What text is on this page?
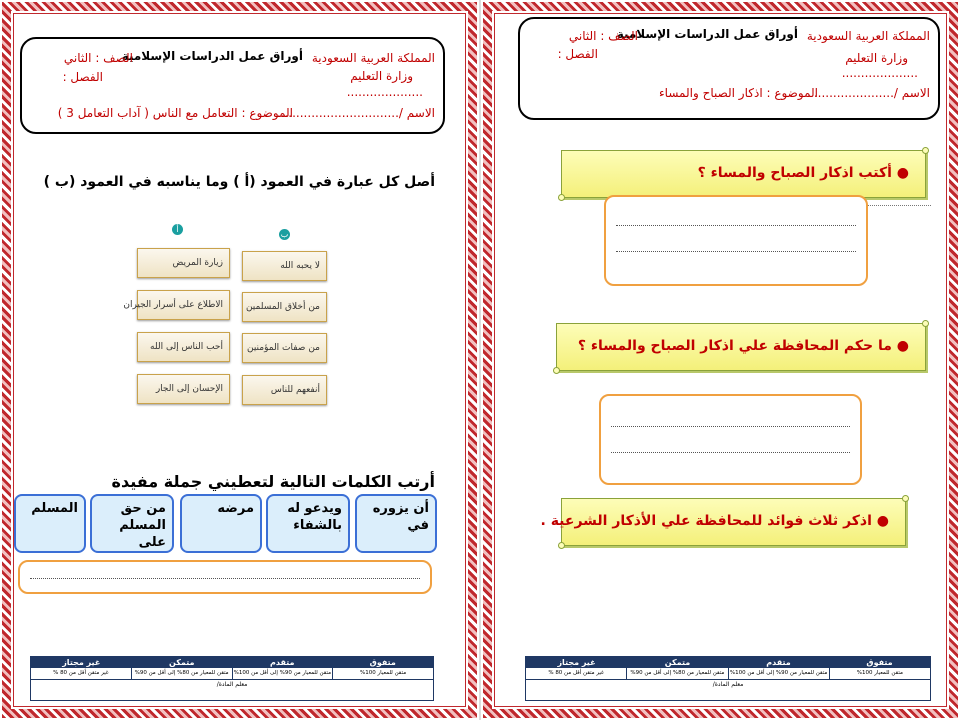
المملكة العربية السعودية
أوراق عمل الدراسات الإسلامية
الصف : الثاني
وزارة التعليم
الفصل :
....................
الاسم /................................
الموضوع : التعامل مع الناس ( آداب التعامل 3 )
أصل كل عبارة في العمود (أ ) وما يناسبه في العمود (ب )
أ
ب
زيارة المريض
الاطلاع على أسرار الجيران
أحب الناس إلى الله
الإحسان إلى الجار
لا يحبه الله
من أخلاق المسلمين
من صفات المؤمنين
أنفعهم للناس
أرتب الكلمات التالية لتعطيني جملة مفيدة
أن يزوره في
ويدعو له بالشفاء
مرضه
من حق المسلم على
المسلم
متفوق
متقدم
متمكن
غير مجتاز
متقن للمعيار 100%
متقن للمعيار من 90% إلى أقل من 100%
متقن للمعيار من 80% إلى أقل من 90%
غير متقن أقل من 80 %
معلم المادة/
المملكة العربية السعودية
أوراق عمل الدراسات الإسلامية
الصف : الثاني
وزارة التعليم
الفصل :
....................
الاسم /.....................
الموضوع : اذكار الصباح والمساء
● أكتب اذكار الصباح والمساء ؟
● ما حكم المحافظة علي اذكار الصباح والمساء ؟
● اذكر ثلاث فوائد للمحافظة علي الأذكار الشرعية .
متفوق
متقدم
متمكن
غير مجتاز
متقن للمعيار 100%
متقن للمعيار من 90% إلى أقل من 100%
متقن للمعيار من 80% إلى أقل من 90%
غير متقن أقل من 80 %
معلم المادة/
